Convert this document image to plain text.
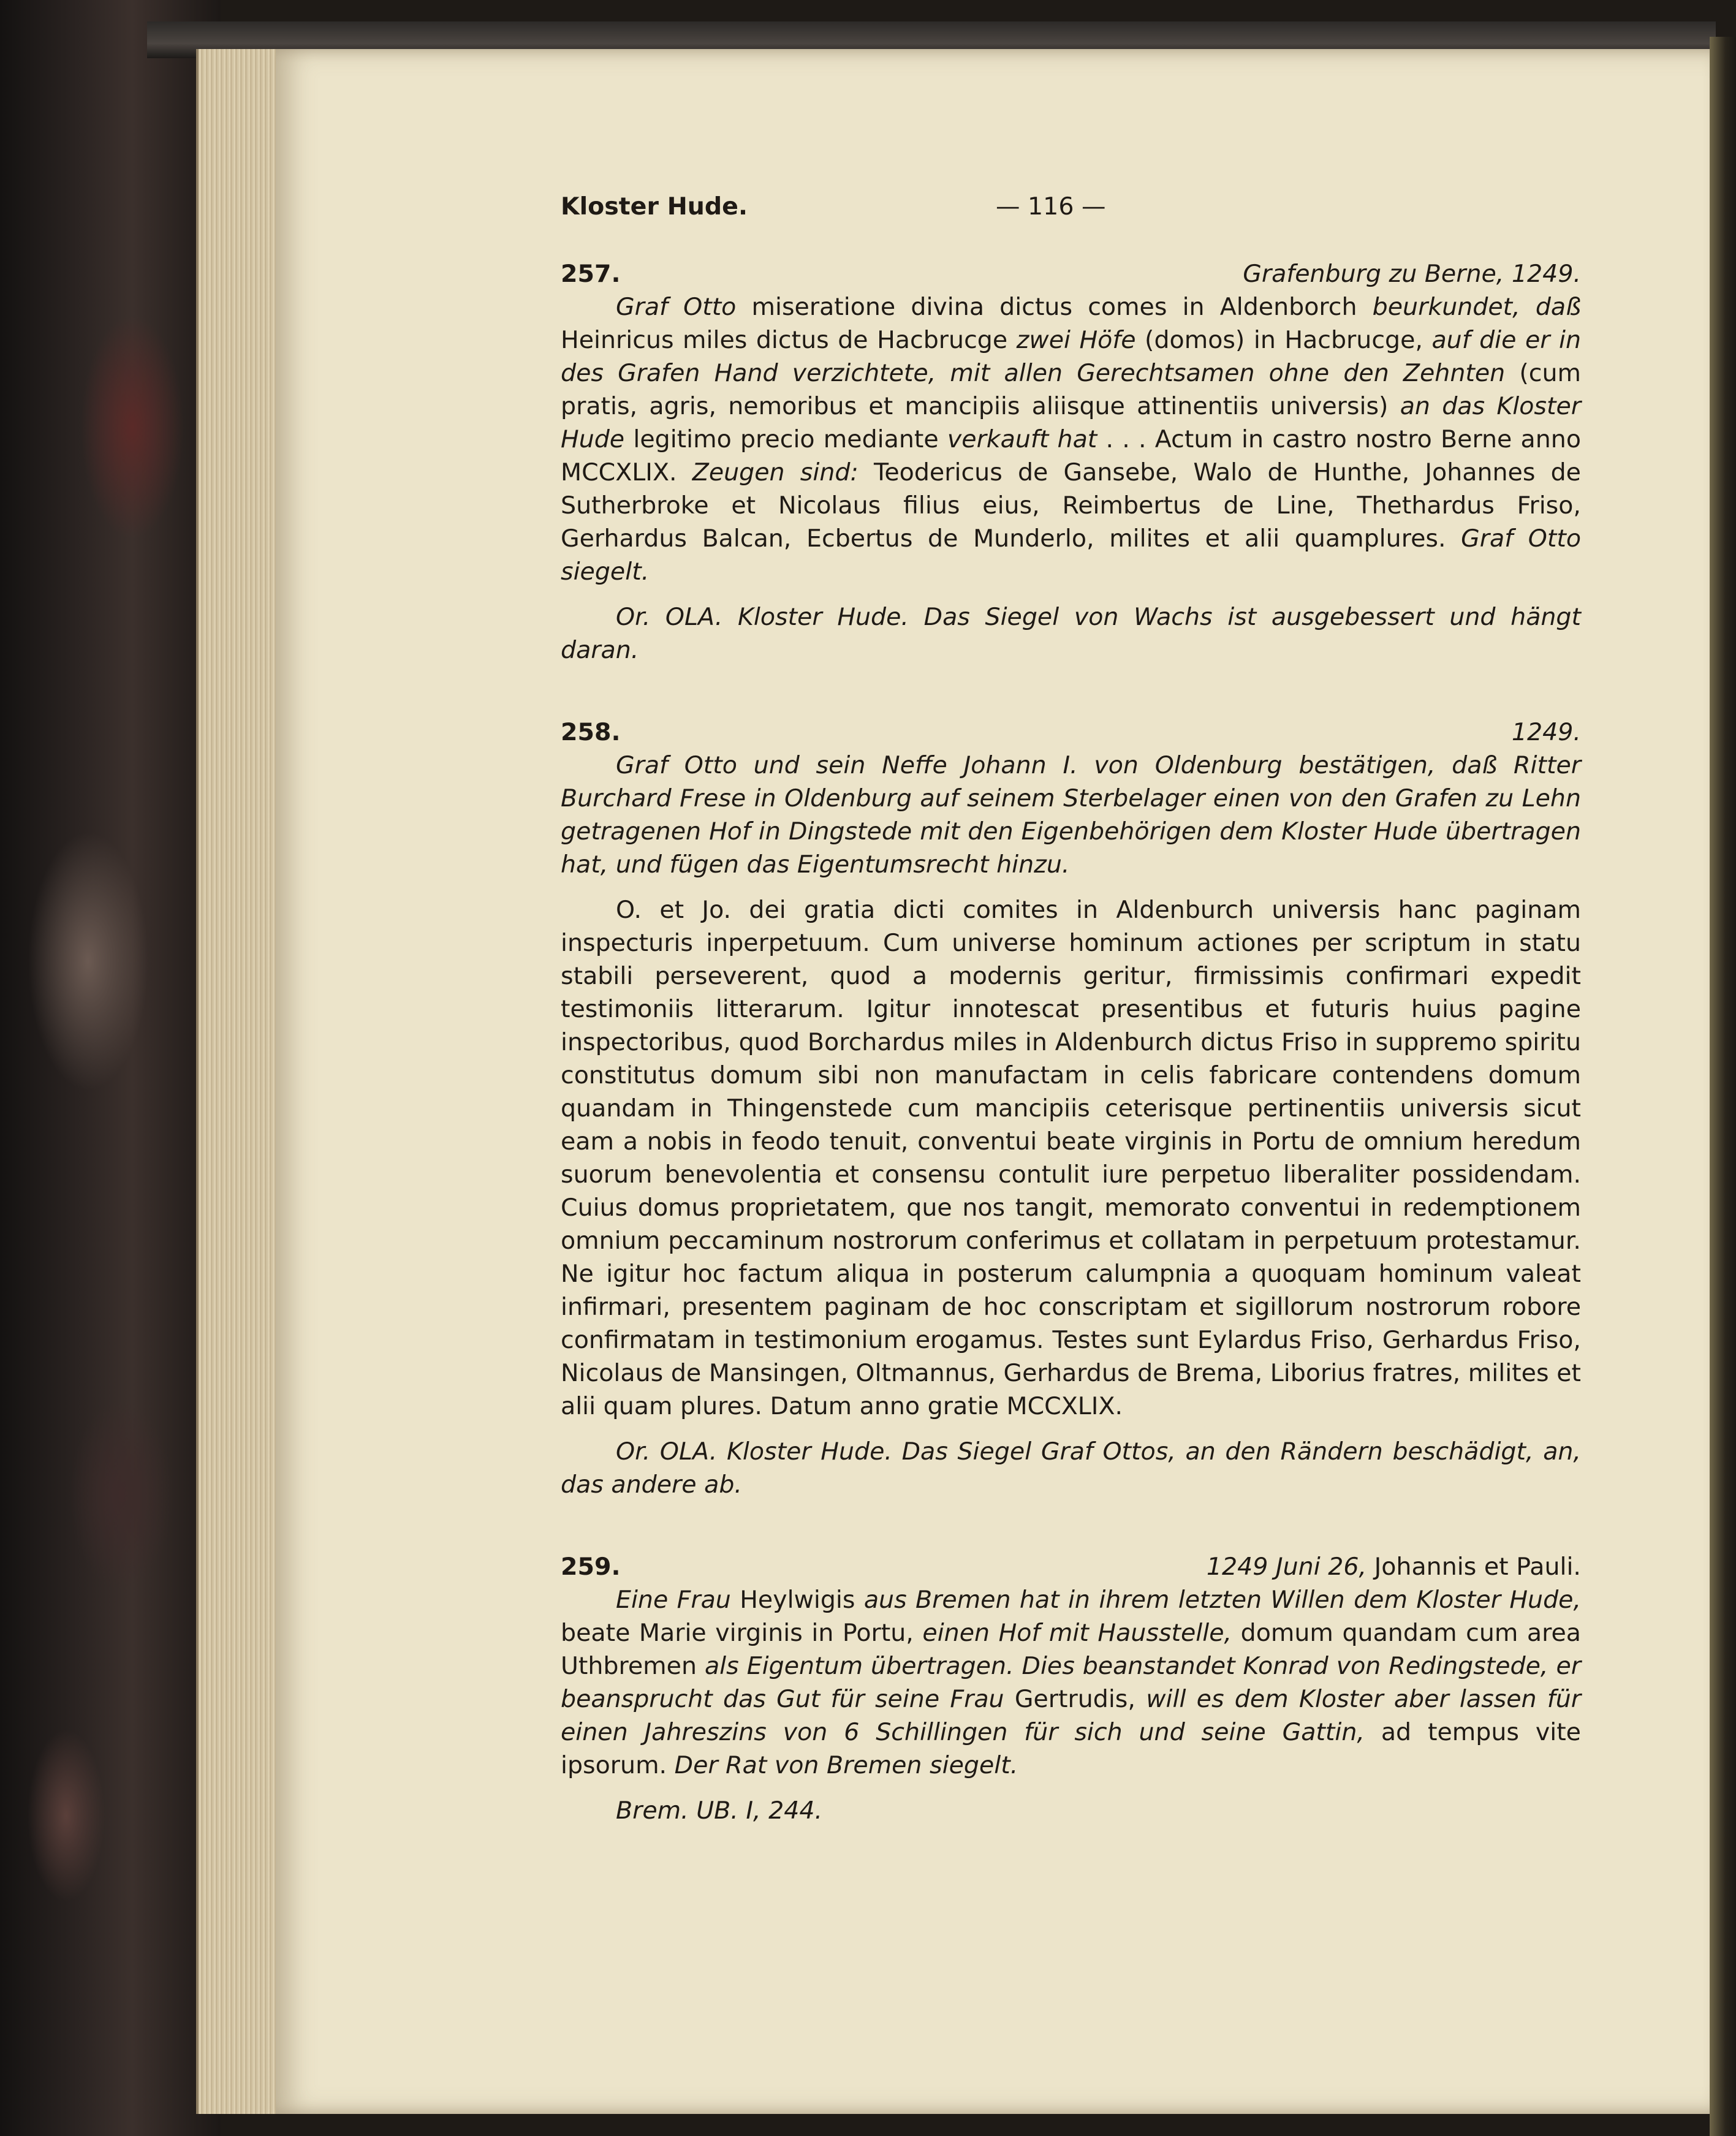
Kloster Hude.	— 116 —
257.	Grafenburg zu Berne, 1249.

Graf Otto miseratione divina dictus comes in Aldenborch beurkundet, daß Heinricus miles dictus de Hacbrucge zwei Höfe (domos) in Hacbrucge, auf die er in des Grafen Hand verzichtete, mit allen Gerechtsamen ohne den Zehnten (cum pratis, agris, nemoribus et mancipiis aliisque attinentiis universis) an das Kloster Hude legitimo precio mediante verkauft hat . . . Actum in castro nostro Berne anno MCCXLIX. Zeugen sind: Teodericus de Gansebe, Walo de Hunthe, Johannes de Sutherbroke et Nicolaus filius eius, Reimbertus de Line, Thethardus Friso, Gerhardus Balcan, Ecbertus de Munderlo, milites et alii quamplures. Graf Otto siegelt.

Or. OLA. Kloster Hude. Das Siegel von Wachs ist ausgebessert und hängt daran.

258.	1249.

Graf Otto und sein Neffe Johann I. von Oldenburg bestätigen, daß Ritter Burchard Frese in Oldenburg auf seinem Sterbelager einen von den Grafen zu Lehn getragenen Hof in Dingstede mit den Eigenbehörigen dem Kloster Hude übertragen hat, und fügen das Eigentumsrecht hinzu.

O. et Jo. dei gratia dicti comites in Aldenburch universis hanc paginam inspecturis inperpetuum. Cum universe hominum actiones per scriptum in statu stabili perseverent, quod a modernis geritur, firmissimis confirmari expedit testimoniis litterarum. Igitur innotescat presentibus et futuris huius pagine inspectoribus, quod Borchardus miles in Aldenburch dictus Friso in suppremo spiritu constitutus domum sibi non manufactam in celis fabricare contendens domum quandam in Thingenstede cum mancipiis ceterisque pertinentiis universis sicut eam a nobis in feodo tenuit, conventui beate virginis in Portu de omnium heredum suorum benevolentia et consensu contulit iure perpetuo liberaliter possidendam. Cuius domus proprietatem, que nos tangit, memorato conventui in redemptionem omnium peccaminum nostrorum conferimus et collatam in perpetuum protestamur. Ne igitur hoc factum aliqua in posterum calumpnia a quoquam hominum valeat infirmari, presentem paginam de hoc conscriptam et sigillorum nostrorum robore confirmatam in testimonium erogamus. Testes sunt Eylardus Friso, Gerhardus Friso, Nicolaus de Mansingen, Oltmannus, Gerhardus de Brema, Liborius fratres, milites et alii quam plures. Datum anno gratie MCCXLIX.

Or. OLA. Kloster Hude. Das Siegel Graf Ottos, an den Rändern beschädigt, an, das andere ab.

259.	1249 Juni 26, Johannis et Pauli.

Eine Frau Heylwigis aus Bremen hat in ihrem letzten Willen dem Kloster Hude, beate Marie virginis in Portu, einen Hof mit Hausstelle, domum quandam cum area Uthbremen als Eigentum übertragen. Dies beanstandet Konrad von Redingstede, er beansprucht das Gut für seine Frau Gertrudis, will es dem Kloster aber lassen für einen Jahreszins von 6 Schillingen für sich und seine Gattin, ad tempus vite ipsorum. Der Rat von Bremen siegelt.

Brem. UB. I, 244.
